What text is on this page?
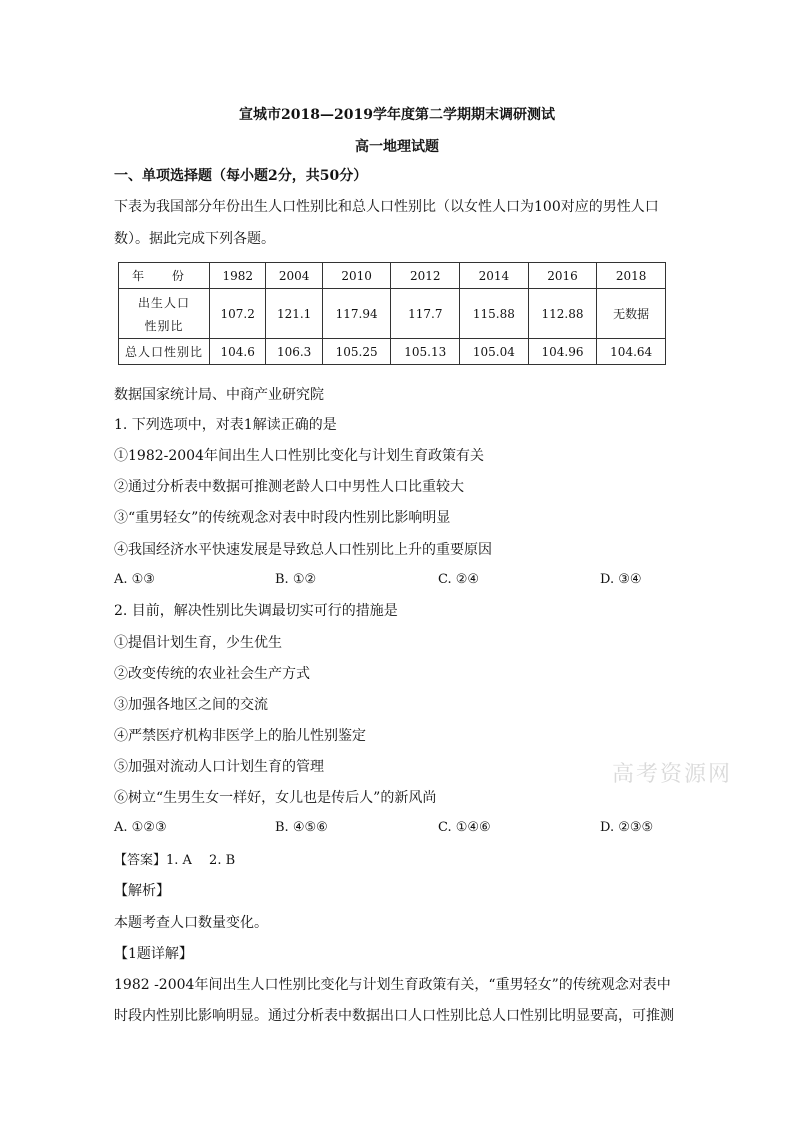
宣城市2018—2019学年度第二学期期末调研测试
高一地理试题
一、单项选择题（每小题2分，共50分）
下表为我国部分年份出生人口性别比和总人口性别比（以女性人口为100对应的男性人口
数）。据此完成下列各题。
年 份	1982	2004	2010	2012	2014	2016	2018

出生人口
性别比	107.2	121.1	117.94	117.7	115.88	112.88	无数据
总人口性别比	104.6	106.3	105.25	105.13	105.04	104.96	104.64
数据国家统计局、中商产业研究院
1. 下列选项中，对表1解读正确的是
①1982-2004年间出生人口性别比变化与计划生育政策有关
②通过分析表中数据可推测老龄人口中男性人口比重较大
③“重男轻女”的传统观念对表中时段内性别比影响明显
④我国经济水平快速发展是导致总人口性别比上升的重要原因
A. ①③	B. ①②	C. ②④	D. ③④
2. 目前，解决性别比失调最切实可行的措施是
①提倡计划生育，少生优生
②改变传统的农业社会生产方式
③加强各地区之间的交流
④严禁医疗机构非医学上的胎儿性别鉴定
⑤加强对流动人口计划生育的管理
⑥树立“生男生女一样好，女儿也是传后人”的新风尚
A. ①②③	B. ④⑤⑥	C. ①④⑥	D. ②③⑤
【答案】1. A　 2. B
【解析】
本题考查人口数量变化。
【1题详解】
1982 -2004年间出生人口性别比变化与计划生育政策有关，“重男轻女”的传统观念对表中
时段内性别比影响明显。通过分析表中数据出口人口性别比总人口性别比明显要高，可推测
高考资源网
